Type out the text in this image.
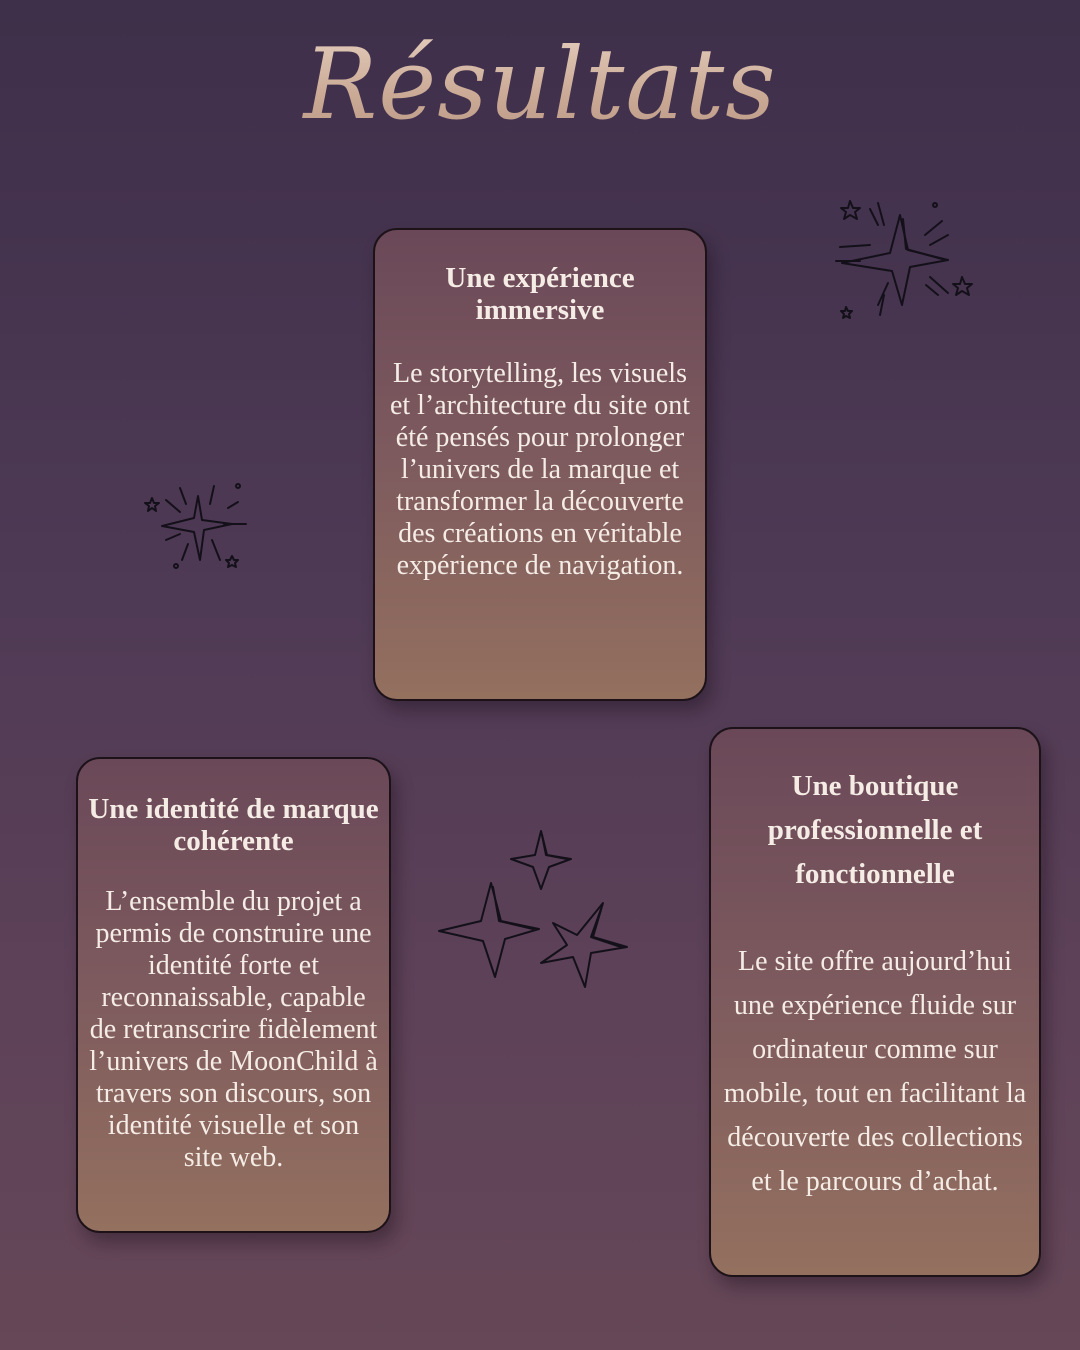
Résultats
Une expérience immersive
Le storytelling, les visuels et l’architecture du site ont été pensés pour prolonger l’univers de la marque et transformer la découverte des créations en véritable expérience de navigation.
Une identité de marque cohérente
L’ensemble du projet a permis de construire une identité forte et reconnaissable, capable de retranscrire fidèlement l’univers de MoonChild à travers son discours, son identité visuelle et son site web.
Une boutique professionnelle et fonctionnelle
Le site offre aujourd’hui une expérience fluide sur ordinateur comme sur mobile, tout en facilitant la découverte des collections et le parcours d’achat.
